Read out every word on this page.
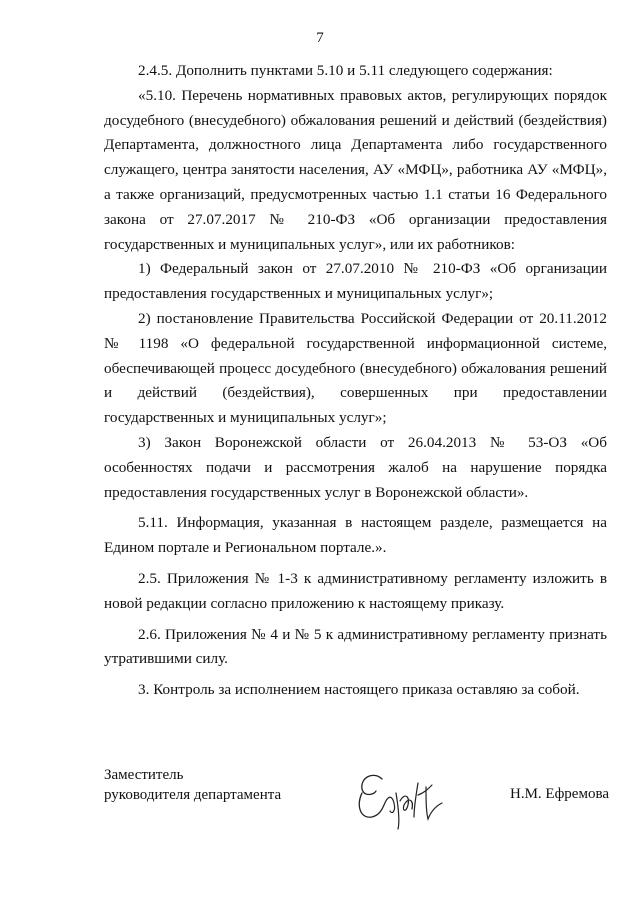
7

2.4.5. Дополнить пунктами 5.10 и 5.11 следующего содержания:

«5.10. Перечень нормативных правовых актов, регулирующих порядок досудебного (внесудебного) обжалования решений и действий (бездействия) Департамента, должностного лица Департамента либо государственного служащего, центра занятости населения, АУ «МФЦ», работника АУ «МФЦ», а также организаций, предусмотренных частью 1.1 статьи 16 Федерального закона от 27.07.2017 № 210-ФЗ «Об организации предоставления государственных и муниципальных услуг», или их работников:

1) Федеральный закон от 27.07.2010 № 210-ФЗ «Об организации предоставления государственных и муниципальных услуг»;

2) постановление Правительства Российской Федерации от 20.11.2012 № 1198 «О федеральной государственной информационной системе, обеспечивающей процесс досудебного (внесудебного) обжалования решений и действий (бездействия), совершенных при предоставлении государственных и муниципальных услуг»;

3) Закон Воронежской области от 26.04.2013 № 53-ОЗ «Об особенностях подачи и рассмотрения жалоб на нарушение порядка предоставления государственных услуг в Воронежской области».

5.11. Информация, указанная в настоящем разделе, размещается на Едином портале и Региональном портале.».

2.5. Приложения № 1-3 к административному регламенту изложить в новой редакции согласно приложению к настоящему приказу.

2.6. Приложения № 4 и № 5 к административному регламенту признать утратившими силу.

3. Контроль за исполнением настоящего приказа оставляю за собой.

Заместитель
руководителя департамента	Н.М. Ефремова
